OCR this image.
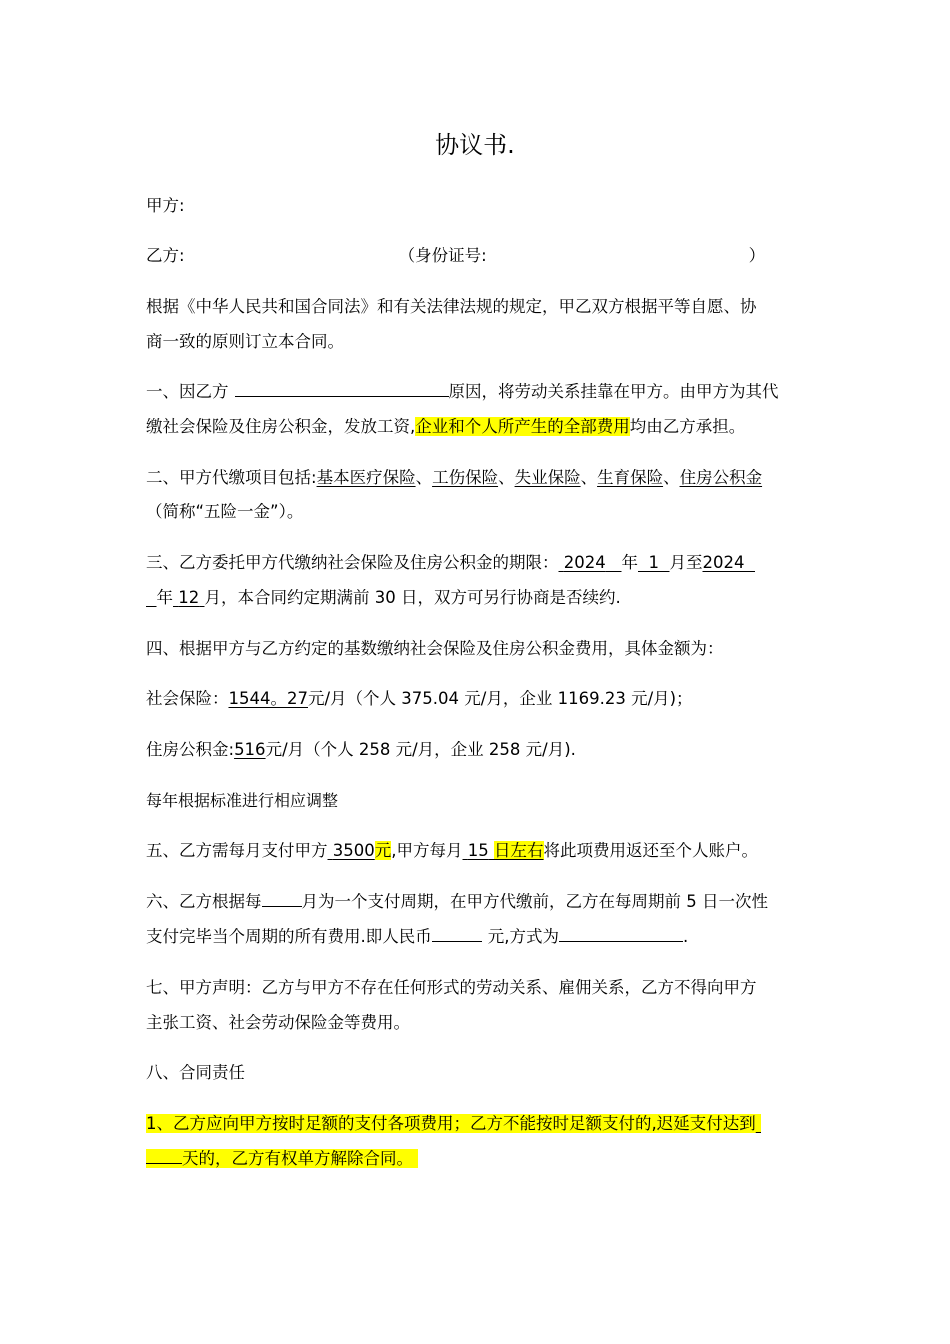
协议书.
甲方:
乙方:	（身份证号:	）
根据《中华人民共和国合同法》和有关法律法规的规定，甲乙双方根据平等自愿、协
商一致的原则订立本合同。
一、因乙方	原因，将劳动关系挂靠在甲方。由甲方为其代
缴社会保险及住房公积金，发放工资,企业和个人所产生的全部费用均由乙方承担。
二、甲方代缴项目包括:基本医疗保险、工伤保险、失业保险、生育保险、住房公积金
（简称“五险一金”）。
三、乙方委托甲方代缴纳社会保险及住房公积金的期限： 2024 年 1 月至2024
年 12 月，本合同约定期满前 30 日，双方可另行协商是否续约.
四、根据甲方与乙方约定的基数缴纳社会保险及住房公积金费用，具体金额为：
社会保险：1544。27元/月（个人 375.04 元/月，企业 1169.23 元/月)；
住房公积金:516元/月（个人 258 元/月，企业 258 元/月).
每年根据标准进行相应调整
五、乙方需每月支付甲方 3500元,甲方每月 15 日左右将此项费用返还至个人账户。
六、乙方根据每 月为一个支付周期，在甲方代缴前，乙方在每周期前 5 日一次性
支付完毕当个周期的所有费用.即人民币	元,方式为	.
七、甲方声明：乙方与甲方不存在任何形式的劳动关系、雇佣关系，乙方不得向甲方
主张工资、社会劳动保险金等费用。
八、合同责任
1、乙方应向甲方按时足额的支付各项费用；乙方不能按时足额支付的,迟延支付达到
天的，乙方有权单方解除合同。
